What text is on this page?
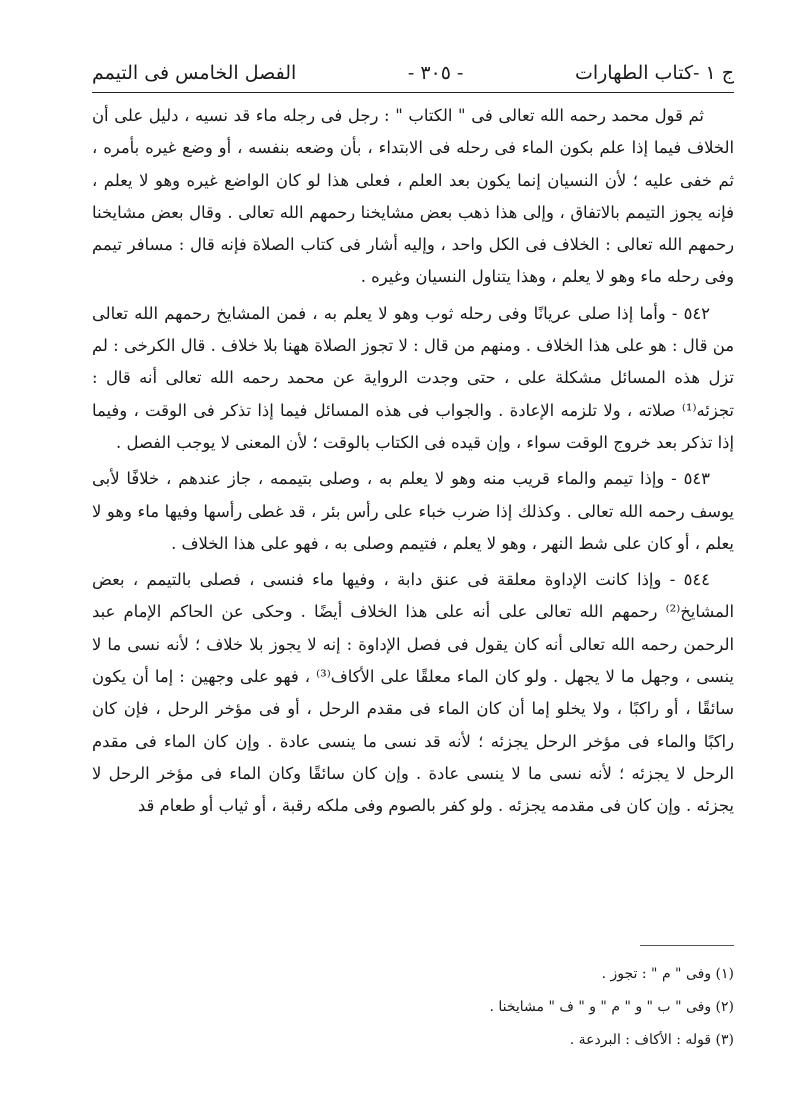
ج ١ -كتاب الطهارات
- ٣٠٥ -
الفصل الخامس فى التيمم

ثم قول محمد رحمه الله تعالى فى " الكتاب " : رجل فى رجله ماء قد نسيه ، دليل على أن الخلاف فيما إذا علم بكون الماء فى رحله فى الابتداء ، بأن وضعه بنفسه ، أو وضع غيره بأمره ، ثم خفى عليه ؛ لأن النسيان إنما يكون بعد العلم ، فعلى هذا لو كان الواضع غيره وهو لا يعلم ، فإنه يجوز التيمم بالاتفاق ، وإلى هذا ذهب بعض مشايخنا رحمهم الله تعالى . وقال بعض مشايخنا رحمهم الله تعالى : الخلاف فى الكل واحد ، وإليه أشار فى كتاب الصلاة فإنه قال : مسافر تيمم وفى رحله ماء وهو لا يعلم ، وهذا يتناول النسيان وغيره .

٥٤٢ - وأما إذا صلى عريانًا وفى رحله ثوب وهو لا يعلم به ، فمن المشايخ رحمهم الله تعالى من قال : هو على هذا الخلاف . ومنهم من قال : لا تجوز الصلاة ههنا بلا خلاف . قال الكرخى : لم تزل هذه المسائل مشكلة على ، حتى وجدت الرواية عن محمد رحمه الله تعالى أنه قال : تجزئه⁽¹⁾ صلاته ، ولا تلزمه الإعادة . والجواب فى هذه المسائل فيما إذا تذكر فى الوقت ، وفيما إذا تذكر بعد خروج الوقت سواء ، وإن قيده فى الكتاب بالوقت ؛ لأن المعنى لا يوجب الفصل .

٥٤٣ - وإذا تيمم والماء قريب منه وهو لا يعلم به ، وصلى بتيممه ، جاز عندهم ، خلافًا لأبى يوسف رحمه الله تعالى . وكذلك إذا ضرب خباء على رأس بئر ، قد غطى رأسها وفيها ماء وهو لا يعلم ، أو كان على شط النهر ، وهو لا يعلم ، فتيمم وصلى به ، فهو على هذا الخلاف .

٥٤٤ - وإذا كانت الإداوة معلقة فى عنق دابة ، وفيها ماء فنسى ، فصلى بالتيمم ، بعض المشايخ⁽²⁾ رحمهم الله تعالى على أنه على هذا الخلاف أيضًا . وحكى عن الحاكم الإمام عبد الرحمن رحمه الله تعالى أنه كان يقول فى فصل الإداوة : إنه لا يجوز بلا خلاف ؛ لأنه نسى ما لا ينسى ، وجهل ما لا يجهل . ولو كان الماء معلقًا على الأكاف⁽³⁾ ، فهو على وجهين : إما أن يكون سائقًا ، أو راكبًا ، ولا يخلو إما أن كان الماء فى مقدم الرحل ، أو فى مؤخر الرحل ، فإن كان راكبًا والماء فى مؤخر الرحل يجزئه ؛ لأنه قد نسى ما ينسى عادة . وإن كان الماء فى مقدم الرحل لا يجزئه ؛ لأنه نسى ما لا ينسى عادة . وإن كان سائقًا وكان الماء فى مؤخر الرحل لا يجزئه . وإن كان فى مقدمه يجزئه . ولو كفر بالصوم وفى ملكه رقبة ، أو ثياب أو طعام قد

(١) وفى " م " : تجوز .
(٢) وفى " ب " و " م " و " ف " مشايخنا .
(٣) قوله : الأكاف : البردعة .
